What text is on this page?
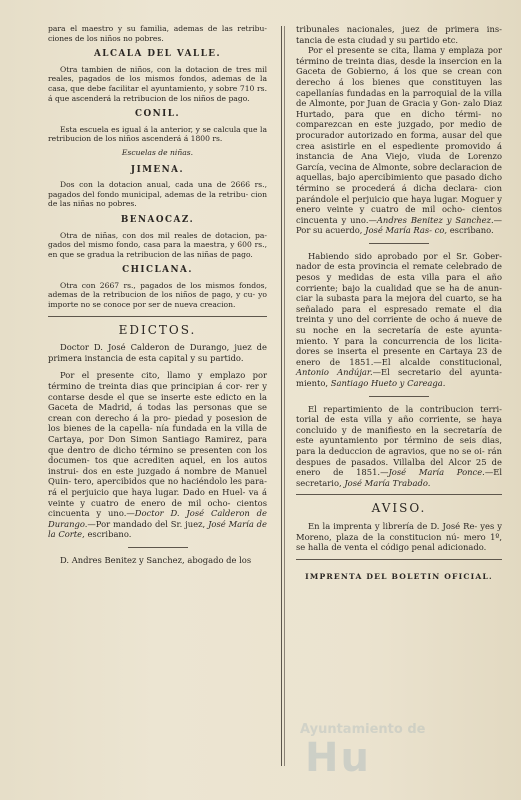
para el maestro y su familia, ademas de las retribu- ciones de los niños no pobres.

ALCALA DEL VALLE.

Otra tambien de niños, con la dotacion de tres mil reales, pagados de los mismos fondos, ademas de la casa, que debe facilitar el ayuntamiento, y sobre 710 rs. á que ascenderá la retribucion de los niños de pago.

CONIL.

Esta escuela es igual á la anterior, y se calcula que la retribucion de los niños ascenderá á 1800 rs.

Escuelas de niñas.
JIMENA.

Dos con la dotacion anual, cada una de 2666 rs., pagados del fondo municipal, ademas de la retribu- cion de las niñas no pobres.

BENAOCAZ.

Otra de niñas, con dos mil reales de dotacion, pa- gados del mismo fondo, casa para la maestra, y 600 rs., en que se gradua la retribucion de las niñas de pago.

CHICLANA.

Otra con 2667 rs., pagados de los mismos fondos, ademas de la retribucion de los niños de pago, y cu- yo importe no se conoce por ser de nueva creacion.

EDICTOS.

Doctor D. José Calderon de Durango, juez de primera instancia de esta capital y su partido.

Por el presente cito, llamo y emplazo por término de treinta dias que principian á cor- rer y contarse desde el que se inserte este edicto en la Gaceta de Madrid, á todas las personas que se crean con derecho á la pro- piedad y posesion de los bienes de la capella- nía fundada en la villa de Cartaya, por Don Simon Santiago Ramirez, para que dentro de dicho término se presenten con los documen- tos que acrediten aquel, en los autos instrui- dos en este juzgado á nombre de Manuel Quin- tero, apercibidos que no haciéndolo les para- rá el perjuicio que haya lugar. Dado en Huel- va á veinte y cuatro de enero de mil ocho- cientos cincuenta y uno.—Doctor D. José Calderon de Durango.—Por mandado del Sr. juez, José María de la Corte, escribano.

D. Andres Benitez y Sanchez, abogado de los

tribunales nacionales, juez de primera ins- tancia de esta ciudad y su partido etc.

Por el presente se cita, llama y emplaza por término de treinta dias, desde la insercion en la Gaceta de Gobierno, á los que se crean con derecho á los bienes que constituyen las capellanías fundadas en la parroquial de la villa de Almonte, por Juan de Gracia y Gon- zalo Diaz Hurtado, para que en dicho térmi- no comparezcan en este juzgado, por medio de procurador autorizado en forma, ausar del que crea asistirle en el espediente promovido á instancia de Ana Viejo, viuda de Lorenzo García, vecina de Almonte, sobre declaracion de aquellas, bajo apercibimiento que pasado dicho término se procederá á dicha declara- cion parándole el perjuicio que haya lugar. Moguer y enero veinte y cuatro de mil ocho- cientos cincuenta y uno.—Andres Benitez y Sanchez.—Por su acuerdo, José María Ras- co, escribano.

Habiendo sido aprobado por el Sr. Gober- nador de esta provincia el remate celebrado de pesos y medidas de esta villa para el año corriente; bajo la cualidad que se ha de anun- ciar la subasta para la mejora del cuarto, se ha señalado para el espresado remate el dia treinta y uno del corriente de ocho á nueve de su noche en la secretaría de este ayunta- miento. Y para la concurrencia de los licita- dores se inserta el presente en Cartaya 23 de enero de 1851.—El alcalde constitucional, Antonio Andújar.—El secretario del ayunta- miento, Santiago Hueto y Careaga.

El repartimiento de la contribucion terri- torial de esta villa y año corriente, se haya concluido y de manifiesto en la secretaría de este ayuntamiento por término de seis dias, para la deduccion de agravios, que no se oi- rán despues de pasados. Villalba del Alcor 25 de enero de 1851.—José María Ponce.—El secretario, José María Trabado.

AVISO.

En la imprenta y librería de D. José Re- yes y Moreno, plaza de la constitucion nú- mero 1º, se halla de venta el código penal adicionado.

IMPRENTA DEL BOLETIN OFICIAL.
Ayuntamiento de
Hu
